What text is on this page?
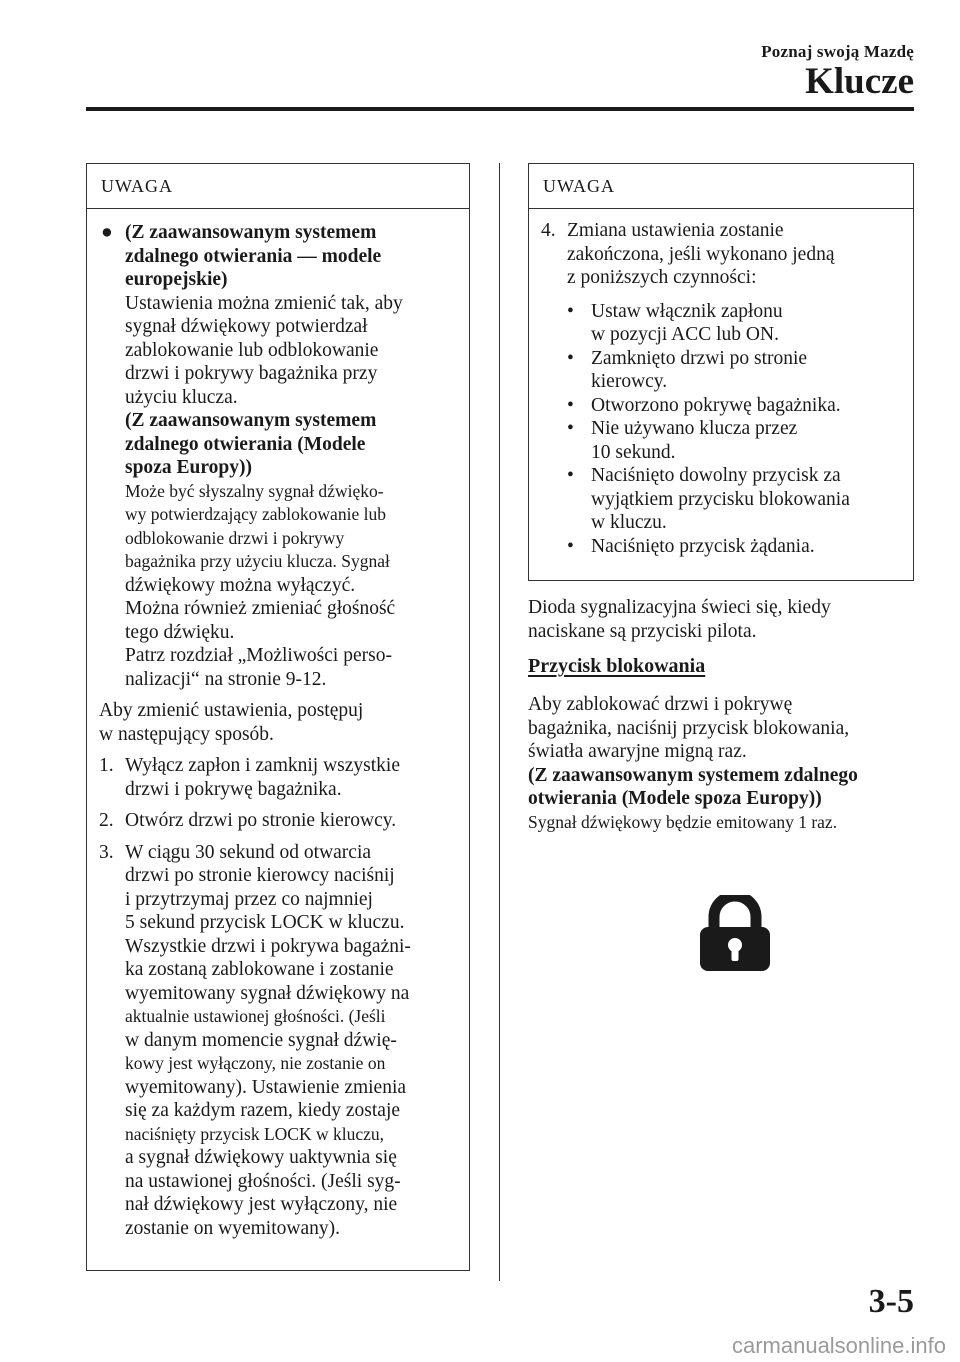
Poznaj swoją Mazdę
Klucze
UWAGA
● (Z zaawansowanym systemem
zdalnego otwierania — modele
europejskie)
Ustawienia można zmienić tak, aby
sygnał dźwiękowy potwierdzał
zablokowanie lub odblokowanie
drzwi i pokrywy bagażnika przy
użyciu klucza.
(Z zaawansowanym systemem
zdalnego otwierania (Modele
spoza Europy))
Może być słyszalny sygnał dźwięko-
wy potwierdzający zablokowanie lub
odblokowanie drzwi i pokrywy
bagażnika przy użyciu klucza. Sygnał
dźwiękowy można wyłączyć.
Można również zmieniać głośność
tego dźwięku.
Patrz rozdział „Możliwości perso-
nalizacji“ na stronie 9-12.
Aby zmienić ustawienia, postępuj
w następujący sposób.
1. Wyłącz zapłon i zamknij wszystkie
drzwi i pokrywę bagażnika.
2. Otwórz drzwi po stronie kierowcy.
3. W ciągu 30 sekund od otwarcia
drzwi po stronie kierowcy naciśnij
i przytrzymaj przez co najmniej
5 sekund przycisk LOCK w kluczu.
Wszystkie drzwi i pokrywa bagażni-
ka zostaną zablokowane i zostanie
wyemitowany sygnał dźwiękowy na
aktualnie ustawionej głośności. (Jeśli
w danym momencie sygnał dźwię-
kowy jest wyłączony, nie zostanie on
wyemitowany). Ustawienie zmienia
się za każdym razem, kiedy zostaje
naciśnięty przycisk LOCK w kluczu,
a sygnał dźwiękowy uaktywnia się
na ustawionej głośności. (Jeśli syg-
nał dźwiękowy jest wyłączony, nie
zostanie on wyemitowany).
UWAGA
4. Zmiana ustawienia zostanie
zakończona, jeśli wykonano jedną
z poniższych czynności:
• Ustaw włącznik zapłonu
w pozycji ACC lub ON.
• Zamknięto drzwi po stronie
kierowcy.
• Otworzono pokrywę bagażnika.
• Nie używano klucza przez
10 sekund.
• Naciśnięto dowolny przycisk za
wyjątkiem przycisku blokowania
w kluczu.
• Naciśnięto przycisk żądania.
Dioda sygnalizacyjna świeci się, kiedy
naciskane są przyciski pilota.
Przycisk blokowania
Aby zablokować drzwi i pokrywę
bagażnika, naciśnij przycisk blokowania,
światła awaryjne migną raz.
(Z zaawansowanym systemem zdalnego
otwierania (Modele spoza Europy))
Sygnał dźwiękowy będzie emitowany 1 raz.
3-5
carmanualsonline.info
